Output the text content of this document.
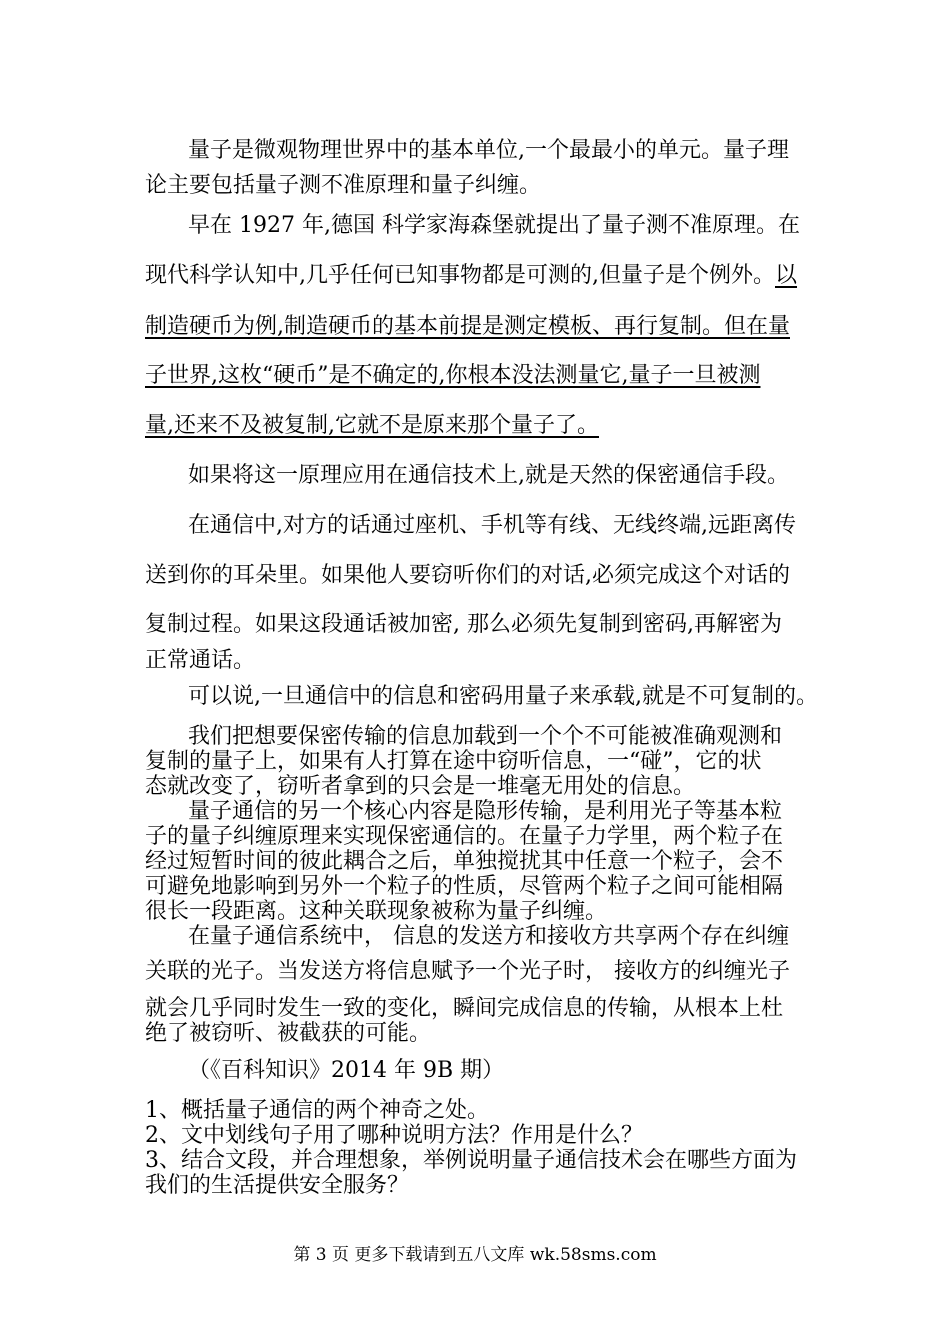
量子是微观物理世界中的基本单位,一个最最小的单元。量子理
论主要包括量子测不准原理和量子纠缠。
早在 1927 年,德国 科学家海森堡就提出了量子测不准原理。在
现代科学认知中,几乎任何已知事物都是可测的,但量子是个例外。以
制造硬币为例,制造硬币的基本前提是测定模板、再行复制。但在量
子世界,这枚“硬币”是不确定的,你根本没法测量它,量子一旦被测
量,还来不及被复制,它就不是原来那个量子了。
如果将这一原理应用在通信技术上,就是天然的保密通信手段。
在通信中,对方的话通过座机、手机等有线、无线终端,远距离传
送到你的耳朵里。如果他人要窃听你们的对话,必须完成这个对话的
复制过程。如果这段通话被加密, 那么必须先复制到密码,再解密为
正常通话。
可以说,一旦通信中的信息和密码用量子来承载,就是不可复制的。
我们把想要保密传输的信息加载到一个个不可能被准确观测和
复制的量子上，如果有人打算在途中窃听信息，一“碰”，它的状
态就改变了，窃听者拿到的只会是一堆毫无用处的信息。
量子通信的另一个核心内容是隐形传输，是利用光子等基本粒
子的量子纠缠原理来实现保密通信的。在量子力学里，两个粒子在
经过短暂时间的彼此耦合之后，单独搅扰其中任意一个粒子，会不
可避免地影响到另外一个粒子的性质，尽管两个粒子之间可能相隔
很长一段距离。这种关联现象被称为量子纠缠。
在量子通信系统中， 信息的发送方和接收方共享两个存在纠缠
关联的光子。当发送方将信息赋予一个光子时， 接收方的纠缠光子
就会几乎同时发生一致的变化，瞬间完成信息的传输，从根本上杜
绝了被窃听、被截获的可能。
（《百科知识》2014 年 9B 期）
1、概括量子通信的两个神奇之处。
2、文中划线句子用了哪种说明方法？作用是什么？
3、结合文段，并合理想象，举例说明量子通信技术会在哪些方面为
我们的生活提供安全服务？
第 3 页 更多下载请到五八文库 wk.58sms.com
